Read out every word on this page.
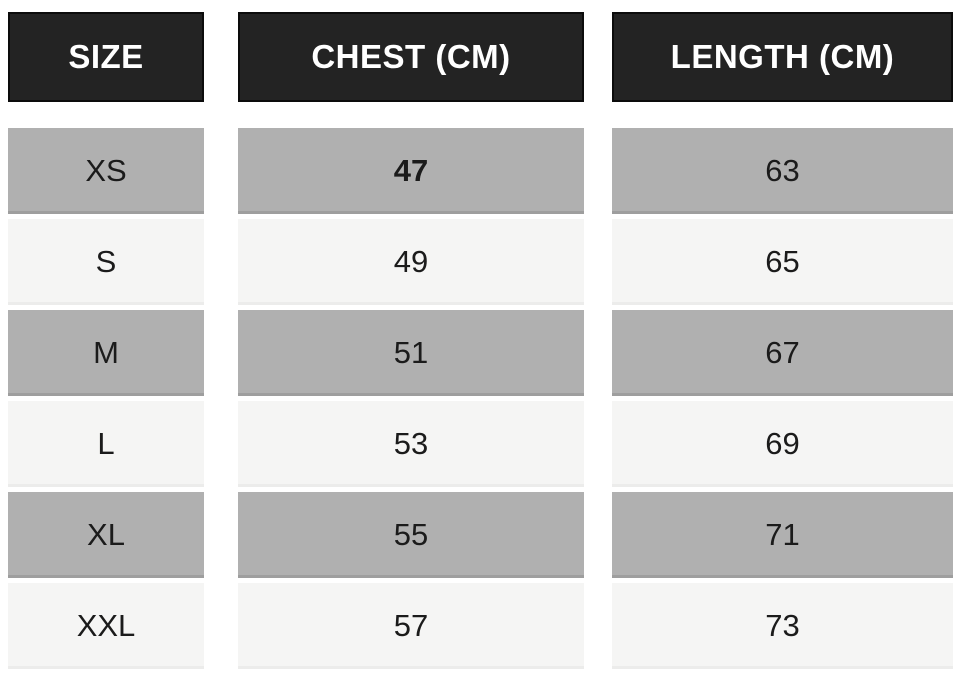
SIZE
XS
S
M
L
XL
XXL
CHEST (CM)
47
49
51
53
55
57
LENGTH (CM)
63
65
67
69
71
73
